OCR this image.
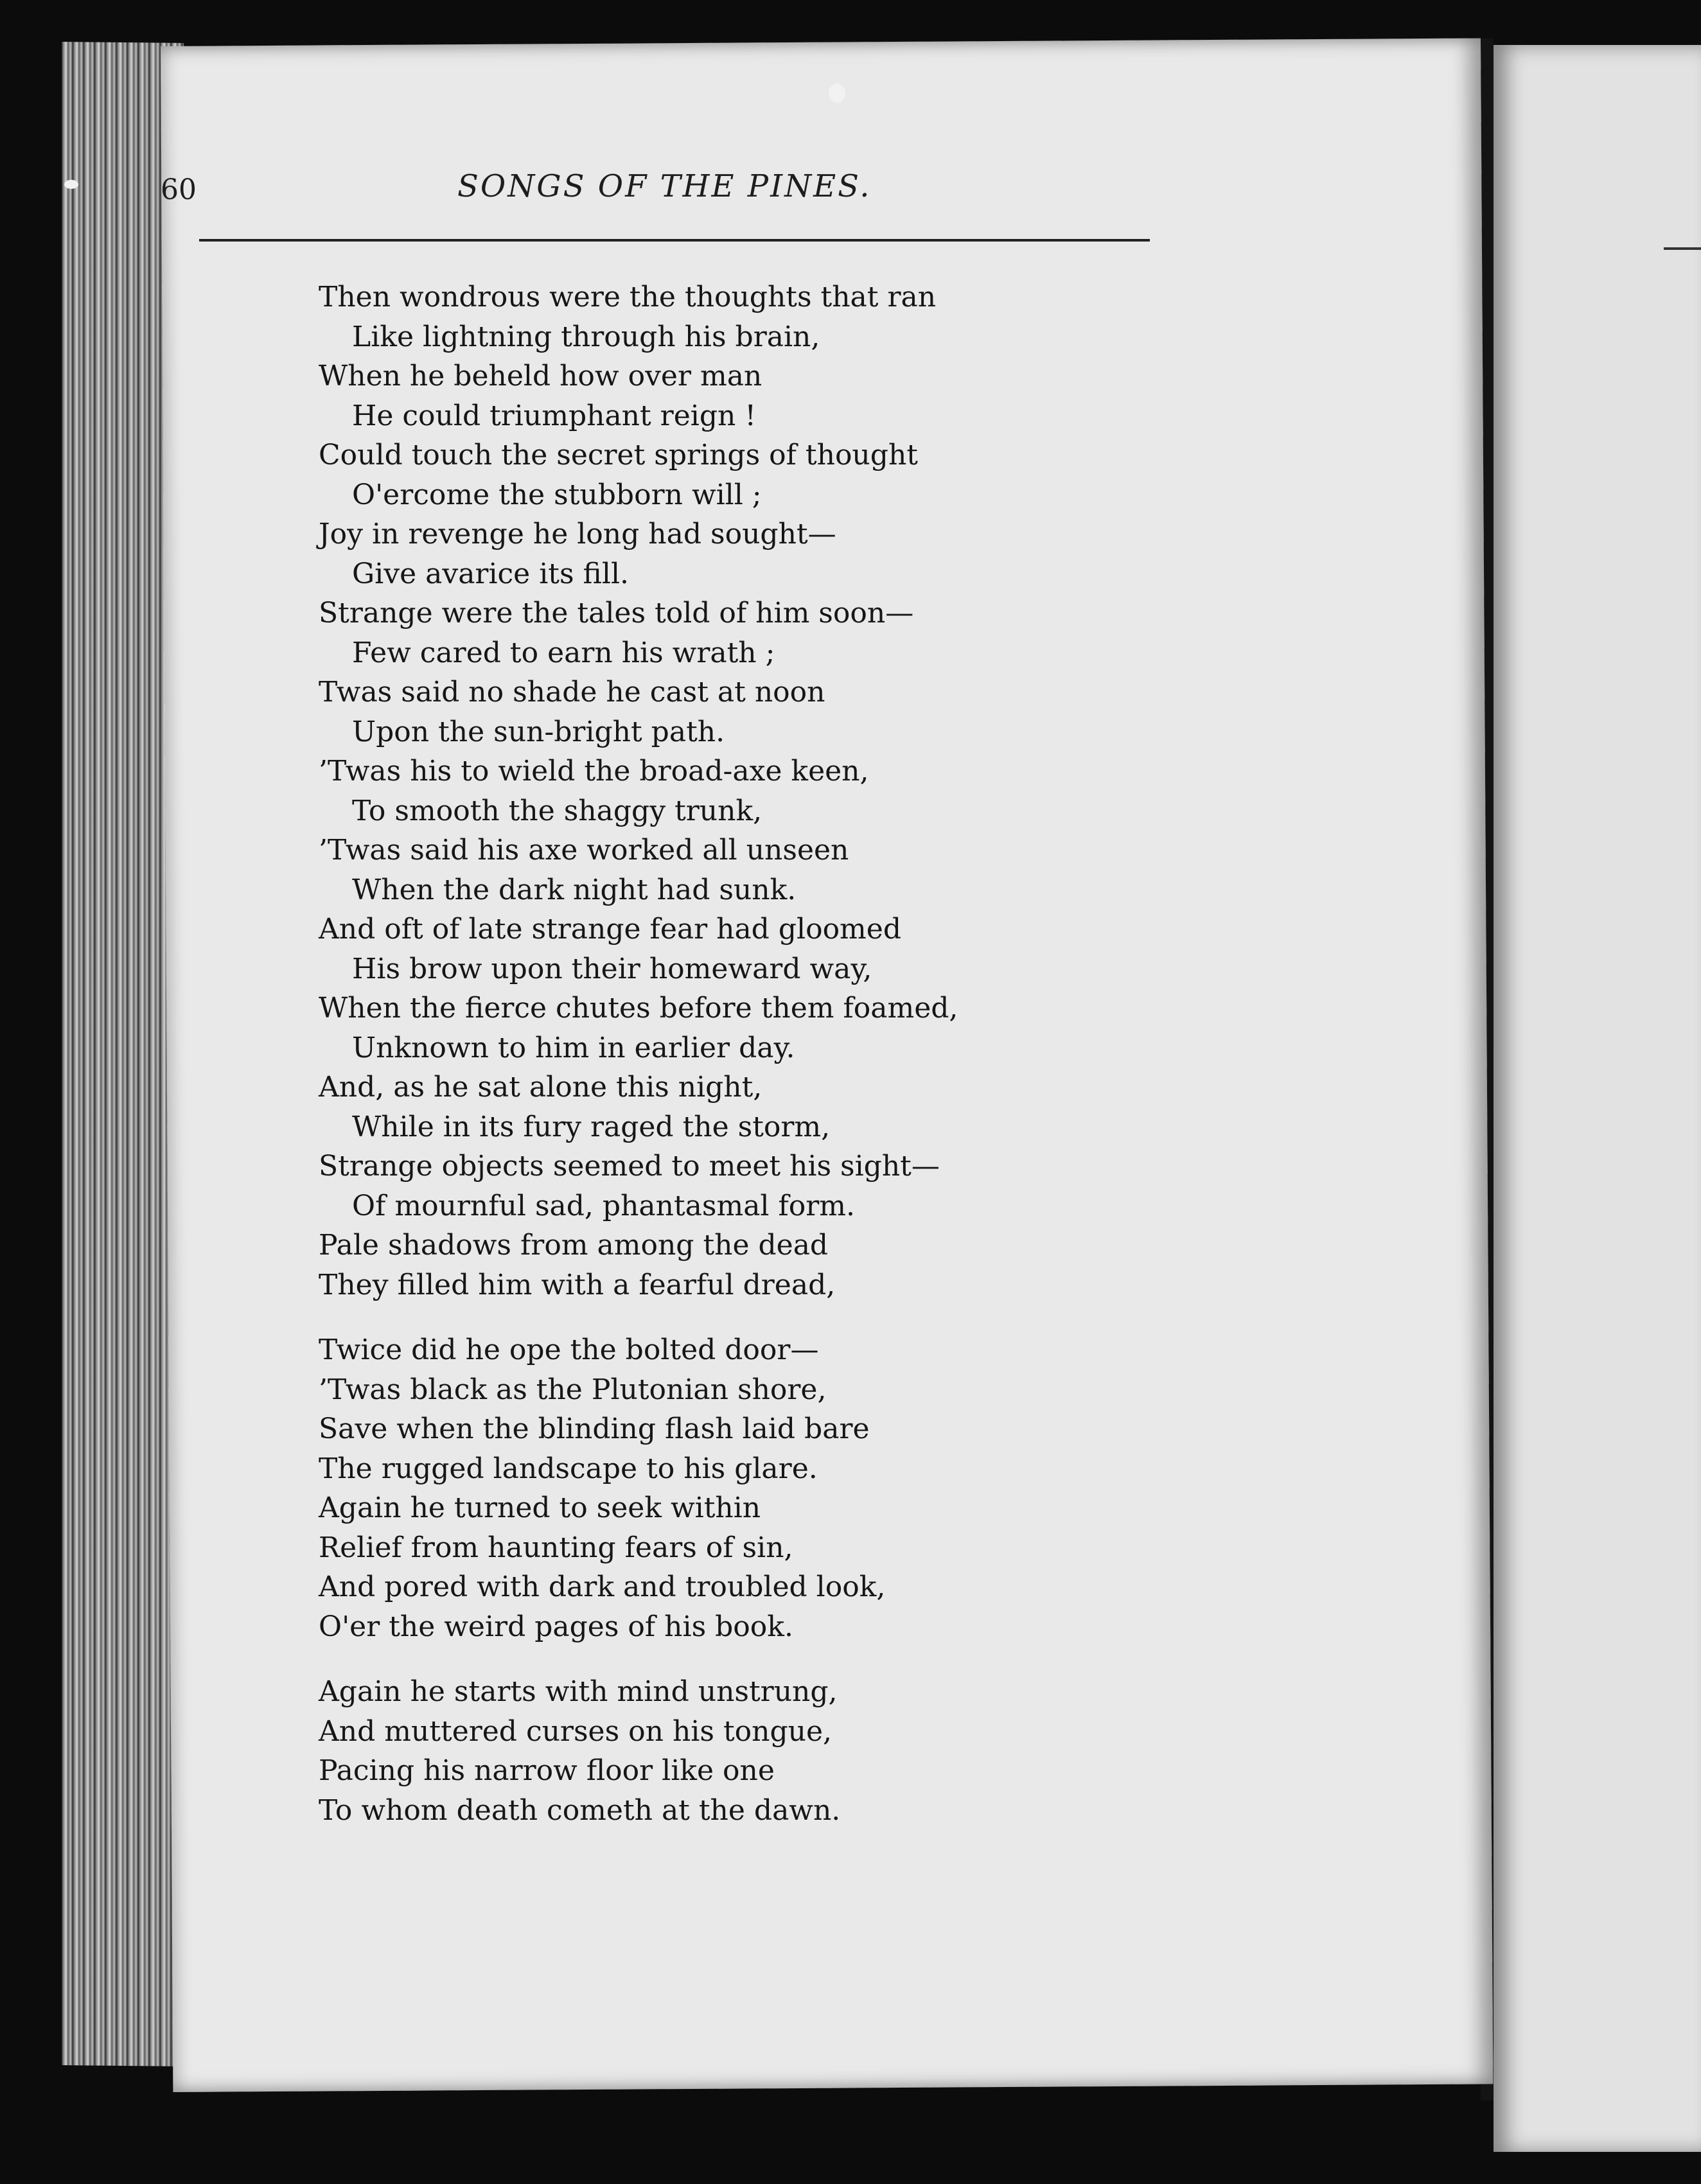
60	SONGS OF THE PINES.
Then wondrous were the thoughts that ran
Like lightning through his brain,
When he beheld how over man
He could triumphant reign !
Could touch the secret springs of thought
O'ercome the stubborn will ;
Joy in revenge he long had sought—
Give avarice its fill.
Strange were the tales told of him soon—
Few cared to earn his wrath ;
Twas said no shade he cast at noon
Upon the sun-bright path.
’Twas his to wield the broad-axe keen,
To smooth the shaggy trunk,
’Twas said his axe worked all unseen
When the dark night had sunk.
And oft of late strange fear had gloomed
His brow upon their homeward way,
When the fierce chutes before them foamed,
Unknown to him in earlier day.
And, as he sat alone this night,
While in its fury raged the storm,
Strange objects seemed to meet his sight—
Of mournful sad, phantasmal form.
Pale shadows from among the dead
They filled him with a fearful dread,
Twice did he ope the bolted door—
’Twas black as the Plutonian shore,
Save when the blinding flash laid bare
The rugged landscape to his glare.
Again he turned to seek within
Relief from haunting fears of sin,
And pored with dark and troubled look,
O'er the weird pages of his book.
Again he starts with mind unstrung,
And muttered curses on his tongue,
Pacing his narrow floor like one
To whom death cometh at the dawn.
